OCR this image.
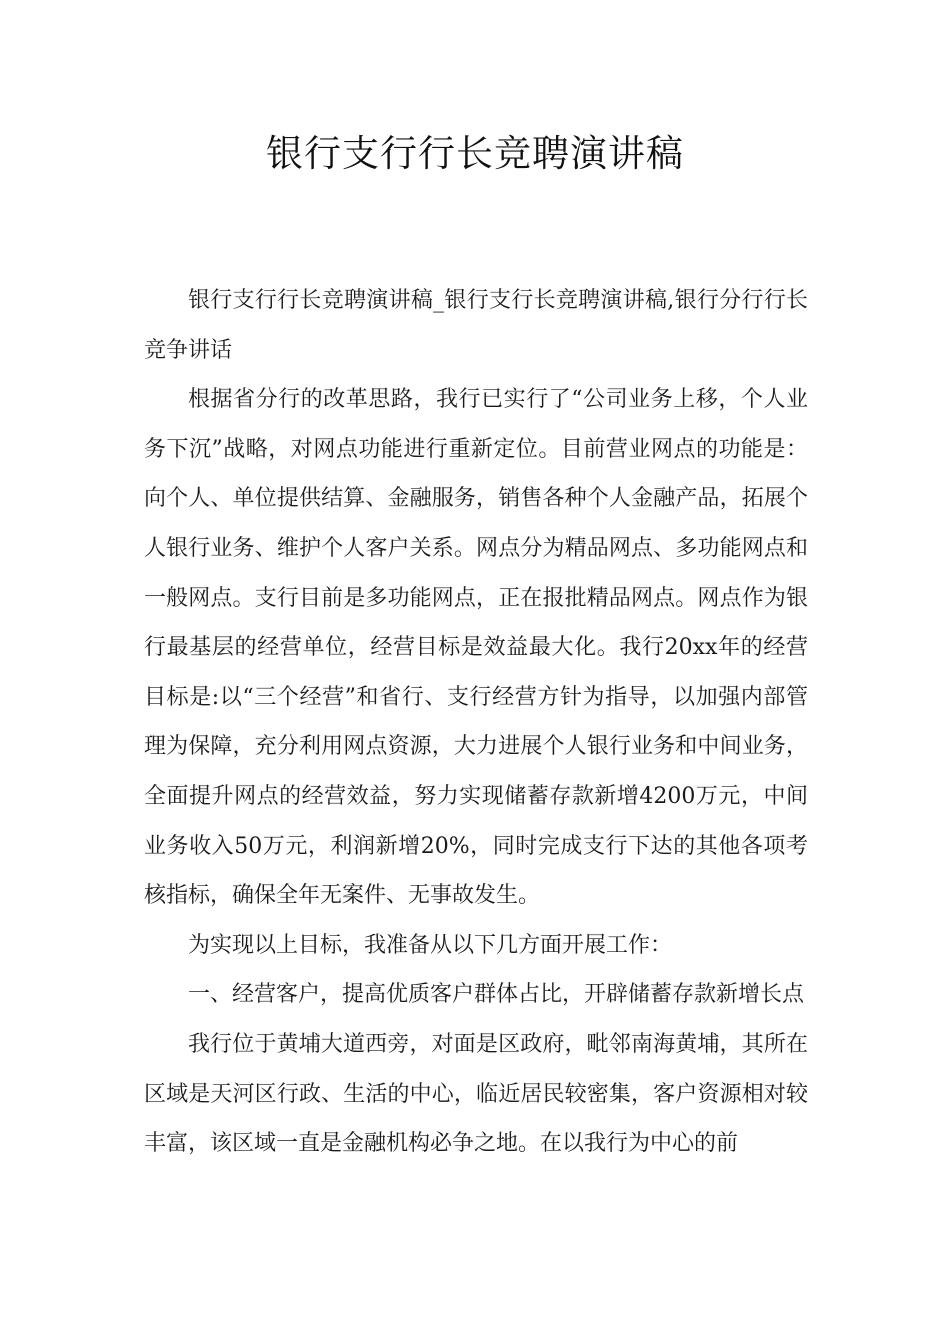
银行支行行长竞聘演讲稿

银行支行行长竞聘演讲稿_银行支行长竞聘演讲稿,银行分行行长竞争讲话

根据省分行的改革思路，我行已实行了“公司业务上移，个人业务下沉”战略，对网点功能进行重新定位。目前营业网点的功能是：向个人、单位提供结算、金融服务，销售各种个人金融产品，拓展个人银行业务、维护个人客户关系。网点分为精品网点、多功能网点和一般网点。支行目前是多功能网点，正在报批精品网点。网点作为银行最基层的经营单位，经营目标是效益最大化。我行20xx年的经营目标是:以“三个经营”和省行、支行经营方针为指导，以加强内部管理为保障，充分利用网点资源，大力进展个人银行业务和中间业务，全面提升网点的经营效益，努力实现储蓄存款新增4200万元，中间业务收入50万元，利润新增20%，同时完成支行下达的其他各项考核指标，确保全年无案件、无事故发生。

为实现以上目标，我准备从以下几方面开展工作：

一、经营客户，提高优质客户群体占比，开辟储蓄存款新增长点

我行位于黄埔大道西旁，对面是区政府，毗邻南海黄埔，其所在区域是天河区行政、生活的中心，临近居民较密集，客户资源相对较丰富，该区域一直是金融机构必争之地。在以我行为中心的前
